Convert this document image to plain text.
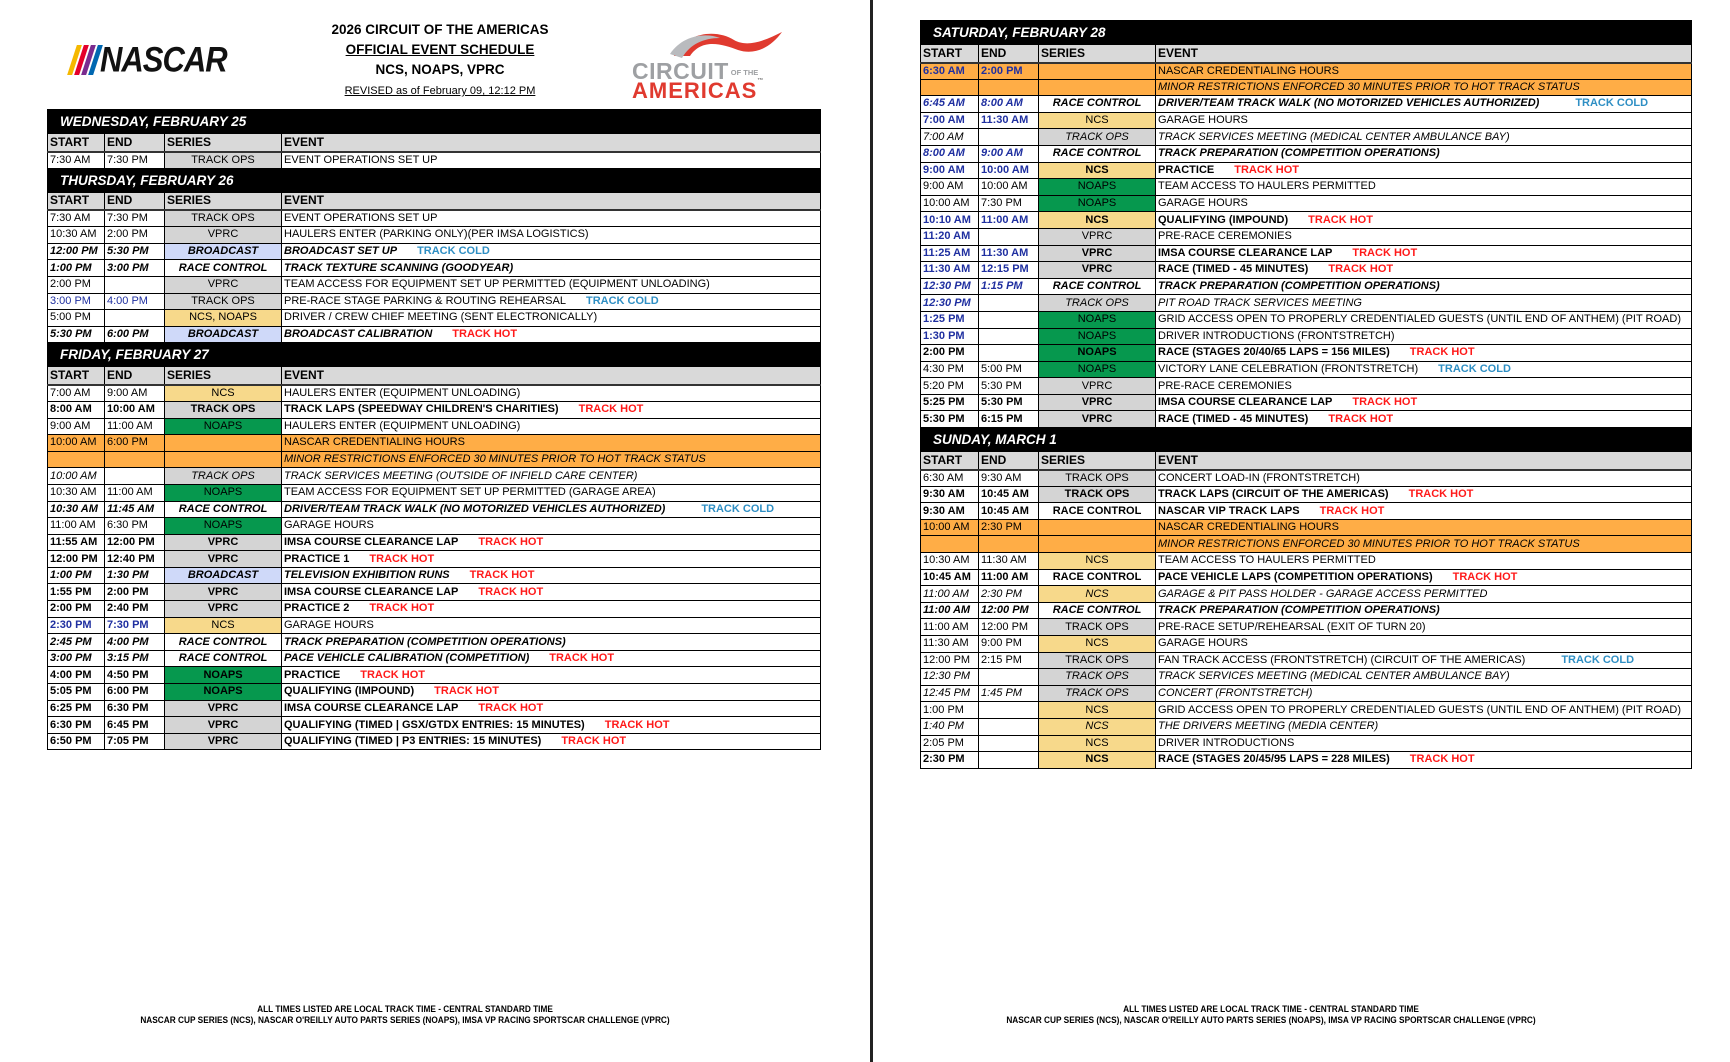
NASCAR
2026 CIRCUIT OF THE AMERICAS
OFFICIAL EVENT SCHEDULE
NCS, NOAPS, VPRC
REVISED as of February 09, 12:12 PM
CIRCUIT OF THE
AMERICAS™
WEDNESDAY, FEBRUARY 25			
START	END	SERIES	EVENT
7:30 AM	7:30 PM	TRACK OPS	EVENT OPERATIONS SET UP
THURSDAY, FEBRUARY 26			
START	END	SERIES	EVENT
7:30 AM	7:30 PM	TRACK OPS	EVENT OPERATIONS SET UP
10:30 AM	2:00 PM	VPRC	HAULERS ENTER (PARKING ONLY)(PER IMSA LOGISTICS)
12:00 PM	5:30 PM	BROADCAST	BROADCAST SET UP TRACK COLD
1:00 PM	3:00 PM	RACE CONTROL	TRACK TEXTURE SCANNING (GOODYEAR)
2:00 PM		VPRC	TEAM ACCESS FOR EQUIPMENT SET UP PERMITTED (EQUIPMENT UNLOADING)
3:00 PM	4:00 PM	TRACK OPS	PRE-RACE STAGE PARKING & ROUTING REHEARSAL TRACK COLD
5:00 PM		NCS, NOAPS	DRIVER / CREW CHIEF MEETING (SENT ELECTRONICALLY)
5:30 PM	6:00 PM	BROADCAST	BROADCAST CALIBRATION TRACK HOT
FRIDAY, FEBRUARY 27			
START	END	SERIES	EVENT
7:00 AM	9:00 AM	NCS	HAULERS ENTER (EQUIPMENT UNLOADING)
8:00 AM	10:00 AM	TRACK OPS	TRACK LAPS (SPEEDWAY CHILDREN'S CHARITIES) TRACK HOT
9:00 AM	11:00 AM	NOAPS	HAULERS ENTER (EQUIPMENT UNLOADING)
10:00 AM	6:00 PM		NASCAR CREDENTIALING HOURS
			MINOR RESTRICTIONS ENFORCED 30 MINUTES PRIOR TO HOT TRACK STATUS
10:00 AM		TRACK OPS	TRACK SERVICES MEETING (OUTSIDE OF INFIELD CARE CENTER)
10:30 AM	11:00 AM	NOAPS	TEAM ACCESS FOR EQUIPMENT SET UP PERMITTED (GARAGE AREA)
10:30 AM	11:45 AM	RACE CONTROL	DRIVER/TEAM TRACK WALK (NO MOTORIZED VEHICLES AUTHORIZED) TRACK COLD
11:00 AM	6:30 PM	NOAPS	GARAGE HOURS
11:55 AM	12:00 PM	VPRC	IMSA COURSE CLEARANCE LAP TRACK HOT
12:00 PM	12:40 PM	VPRC	PRACTICE 1 TRACK HOT
1:00 PM	1:30 PM	BROADCAST	TELEVISION EXHIBITION RUNS TRACK HOT
1:55 PM	2:00 PM	VPRC	IMSA COURSE CLEARANCE LAP TRACK HOT
2:00 PM	2:40 PM	VPRC	PRACTICE 2 TRACK HOT
2:30 PM	7:30 PM	NCS	GARAGE HOURS
2:45 PM	4:00 PM	RACE CONTROL	TRACK PREPARATION (COMPETITION OPERATIONS)
3:00 PM	3:15 PM	RACE CONTROL	PACE VEHICLE CALIBRATION (COMPETITION) TRACK HOT
4:00 PM	4:50 PM	NOAPS	PRACTICE TRACK HOT
5:05 PM	6:00 PM	NOAPS	QUALIFYING (IMPOUND) TRACK HOT
6:25 PM	6:30 PM	VPRC	IMSA COURSE CLEARANCE LAP TRACK HOT
6:30 PM	6:45 PM	VPRC	QUALIFYING (TIMED | GSX/GTDX ENTRIES: 15 MINUTES) TRACK HOT
6:50 PM	7:05 PM	VPRC	QUALIFYING (TIMED | P3 ENTRIES: 15 MINUTES) TRACK HOT
ALL TIMES LISTED ARE LOCAL TRACK TIME - CENTRAL STANDARD TIME
NASCAR CUP SERIES (NCS), NASCAR O'REILLY AUTO PARTS SERIES (NOAPS), IMSA VP RACING SPORTSCAR CHALLENGE (VPRC)
SATURDAY, FEBRUARY 28			
START	END	SERIES	EVENT
6:30 AM	2:00 PM		NASCAR CREDENTIALING HOURS
			MINOR RESTRICTIONS ENFORCED 30 MINUTES PRIOR TO HOT TRACK STATUS
6:45 AM	8:00 AM	RACE CONTROL	DRIVER/TEAM TRACK WALK (NO MOTORIZED VEHICLES AUTHORIZED) TRACK COLD
7:00 AM	11:30 AM	NCS	GARAGE HOURS
7:00 AM		TRACK OPS	TRACK SERVICES MEETING (MEDICAL CENTER AMBULANCE BAY)
8:00 AM	9:00 AM	RACE CONTROL	TRACK PREPARATION (COMPETITION OPERATIONS)
9:00 AM	10:00 AM	NCS	PRACTICE TRACK HOT
9:00 AM	10:00 AM	NOAPS	TEAM ACCESS TO HAULERS PERMITTED
10:00 AM	7:30 PM	NOAPS	GARAGE HOURS
10:10 AM	11:00 AM	NCS	QUALIFYING (IMPOUND) TRACK HOT
11:20 AM		VPRC	PRE-RACE CEREMONIES
11:25 AM	11:30 AM	VPRC	IMSA COURSE CLEARANCE LAP TRACK HOT
11:30 AM	12:15 PM	VPRC	RACE (TIMED - 45 MINUTES) TRACK HOT
12:30 PM	1:15 PM	RACE CONTROL	TRACK PREPARATION (COMPETITION OPERATIONS)
12:30 PM		TRACK OPS	PIT ROAD TRACK SERVICES MEETING
1:25 PM		NOAPS	GRID ACCESS OPEN TO PROPERLY CREDENTIALED GUESTS (UNTIL END OF ANTHEM) (PIT ROAD)
1:30 PM		NOAPS	DRIVER INTRODUCTIONS (FRONTSTRETCH)
2:00 PM		NOAPS	RACE (STAGES 20/40/65 LAPS = 156 MILES) TRACK HOT
4:30 PM	5:00 PM	NOAPS	VICTORY LANE CELEBRATION (FRONTSTRETCH) TRACK COLD
5:20 PM	5:30 PM	VPRC	PRE-RACE CEREMONIES
5:25 PM	5:30 PM	VPRC	IMSA COURSE CLEARANCE LAP TRACK HOT
5:30 PM	6:15 PM	VPRC	RACE (TIMED - 45 MINUTES) TRACK HOT
SUNDAY, MARCH 1			
START	END	SERIES	EVENT
6:30 AM	9:30 AM	TRACK OPS	CONCERT LOAD-IN (FRONTSTRETCH)
9:30 AM	10:45 AM	TRACK OPS	TRACK LAPS (CIRCUIT OF THE AMERICAS) TRACK HOT
9:30 AM	10:45 AM	RACE CONTROL	NASCAR VIP TRACK LAPS TRACK HOT
10:00 AM	2:30 PM		NASCAR CREDENTIALING HOURS
			MINOR RESTRICTIONS ENFORCED 30 MINUTES PRIOR TO HOT TRACK STATUS
10:30 AM	11:30 AM	NCS	TEAM ACCESS TO HAULERS PERMITTED
10:45 AM	11:00 AM	RACE CONTROL	PACE VEHICLE LAPS (COMPETITION OPERATIONS) TRACK HOT
11:00 AM	2:30 PM	NCS	GARAGE & PIT PASS HOLDER - GARAGE ACCESS PERMITTED
11:00 AM	12:00 PM	RACE CONTROL	TRACK PREPARATION (COMPETITION OPERATIONS)
11:00 AM	12:00 PM	TRACK OPS	PRE-RACE SETUP/REHEARSAL (EXIT OF TURN 20)
11:30 AM	9:00 PM	NCS	GARAGE HOURS
12:00 PM	2:15 PM	TRACK OPS	FAN TRACK ACCESS (FRONTSTRETCH) (CIRCUIT OF THE AMERICAS) TRACK COLD
12:30 PM		TRACK OPS	TRACK SERVICES MEETING (MEDICAL CENTER AMBULANCE BAY)
12:45 PM	1:45 PM	TRACK OPS	CONCERT (FRONTSTRETCH)
1:00 PM		NCS	GRID ACCESS OPEN TO PROPERLY CREDENTIALED GUESTS (UNTIL END OF ANTHEM) (PIT ROAD)
1:40 PM		NCS	THE DRIVERS MEETING (MEDIA CENTER)
2:05 PM		NCS	DRIVER INTRODUCTIONS
2:30 PM		NCS	RACE (STAGES 20/45/95 LAPS = 228 MILES) TRACK HOT
ALL TIMES LISTED ARE LOCAL TRACK TIME - CENTRAL STANDARD TIME
NASCAR CUP SERIES (NCS), NASCAR O'REILLY AUTO PARTS SERIES (NOAPS), IMSA VP RACING SPORTSCAR CHALLENGE (VPRC)
